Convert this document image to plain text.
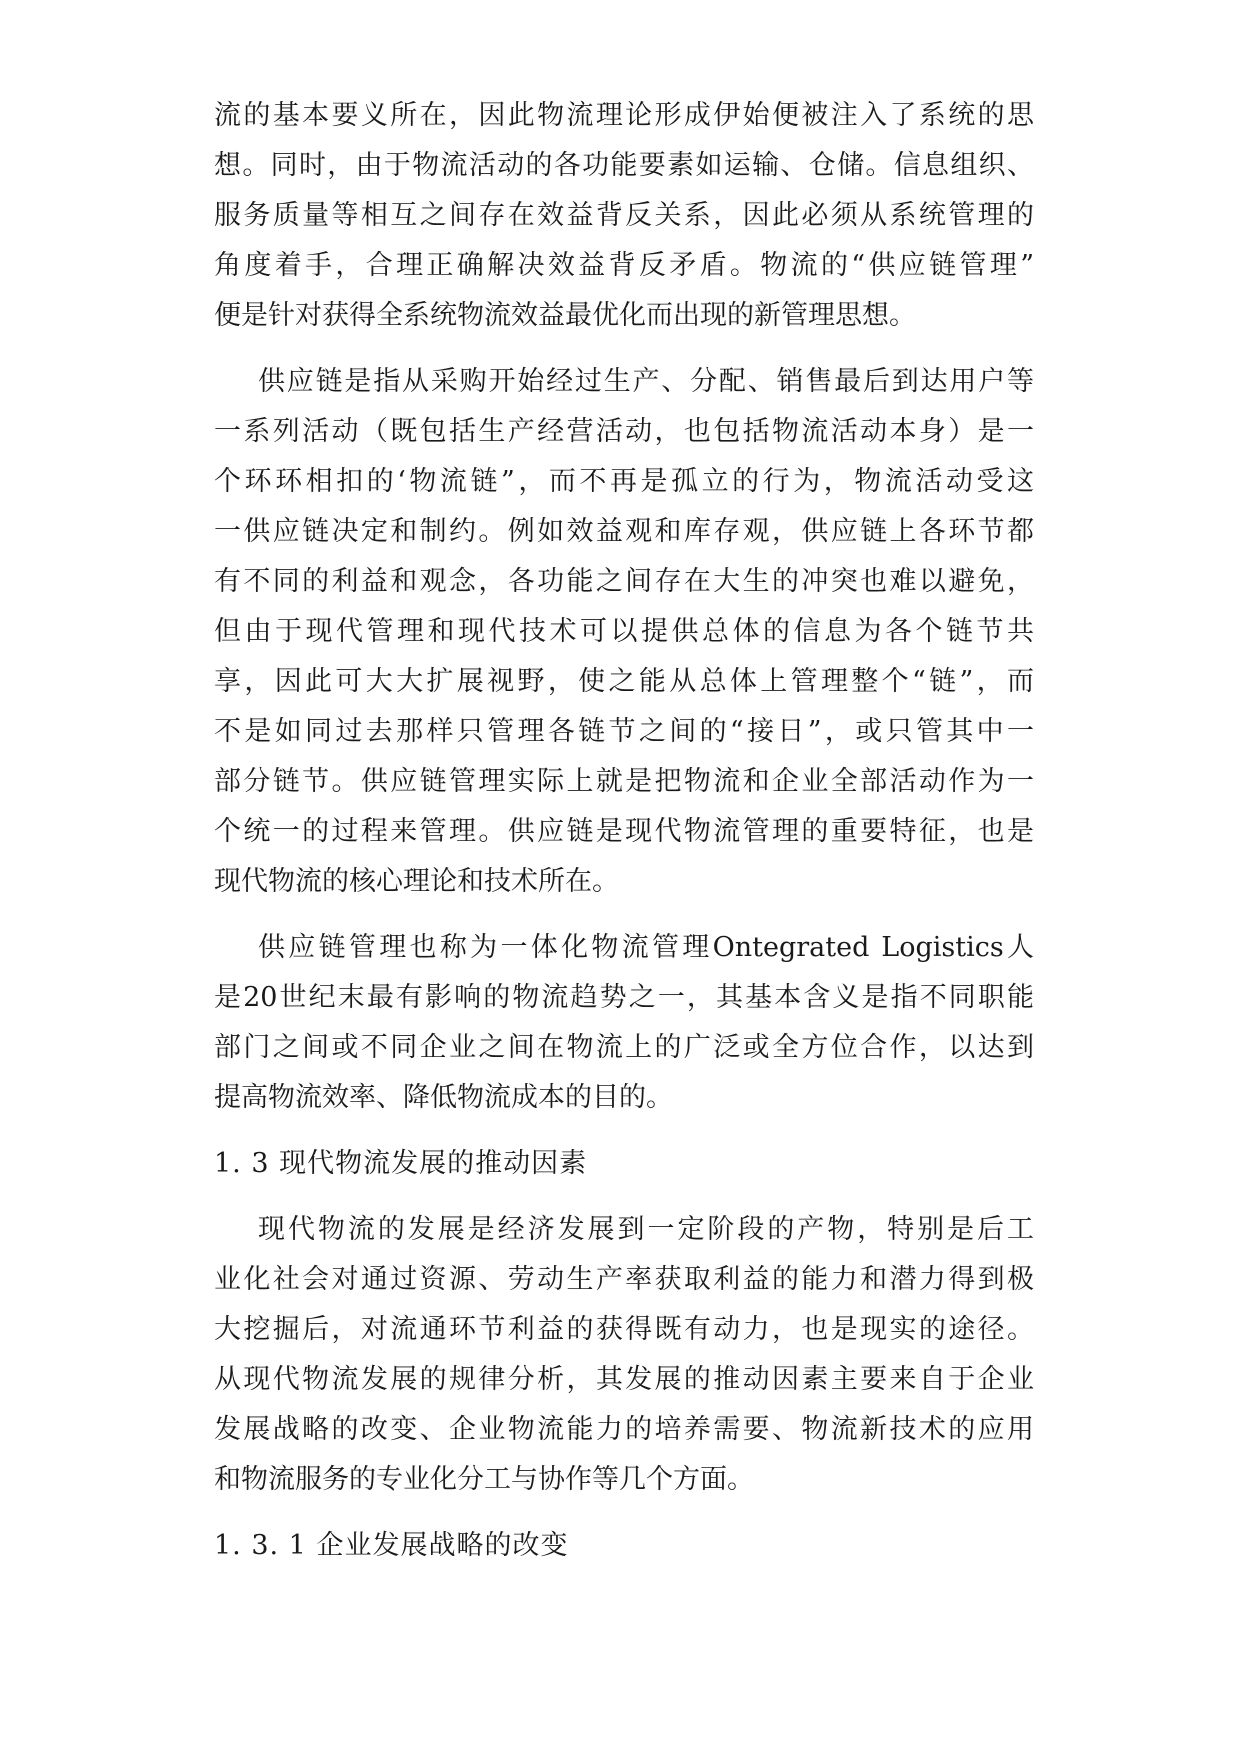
流的基本要义所在，因此物流理论形成伊始便被注入了系统的思
想。同时，由于物流活动的各功能要素如运输、仓储。信息组织、
服务质量等相互之间存在效益背反关系，因此必须从系统管理的
角度着手，合理正确解决效益背反矛盾。物流的“供应链管理”
便是针对获得全系统物流效益最优化而出现的新管理思想。
供应链是指从采购开始经过生产、分配、销售最后到达用户等
一系列活动（既包括生产经营活动，也包括物流活动本身）是一
个环环相扣的‘物流链”，而不再是孤立的行为，物流活动受这
一供应链决定和制约。例如效益观和库存观，供应链上各环节都
有不同的利益和观念，各功能之间存在大生的冲突也难以避免，
但由于现代管理和现代技术可以提供总体的信息为各个链节共
享，因此可大大扩展视野，使之能从总体上管理整个“链”，而
不是如同过去那样只管理各链节之间的“接日”，或只管其中一
部分链节。供应链管理实际上就是把物流和企业全部活动作为一
个统一的过程来管理。供应链是现代物流管理的重要特征，也是
现代物流的核心理论和技术所在。
供应链管理也称为一体化物流管理Ontegrated Logistics人
是20世纪末最有影响的物流趋势之一，其基本含义是指不同职能
部门之间或不同企业之间在物流上的广泛或全方位合作，以达到
提高物流效率、降低物流成本的目的。
1. 3 现代物流发展的推动因素
现代物流的发展是经济发展到一定阶段的产物，特别是后工
业化社会对通过资源、劳动生产率获取利益的能力和潜力得到极
大挖掘后，对流通环节利益的获得既有动力，也是现实的途径。
从现代物流发展的规律分析，其发展的推动因素主要来自于企业
发展战略的改变、企业物流能力的培养需要、物流新技术的应用
和物流服务的专业化分工与协作等几个方面。
1. 3. 1 企业发展战略的改变
